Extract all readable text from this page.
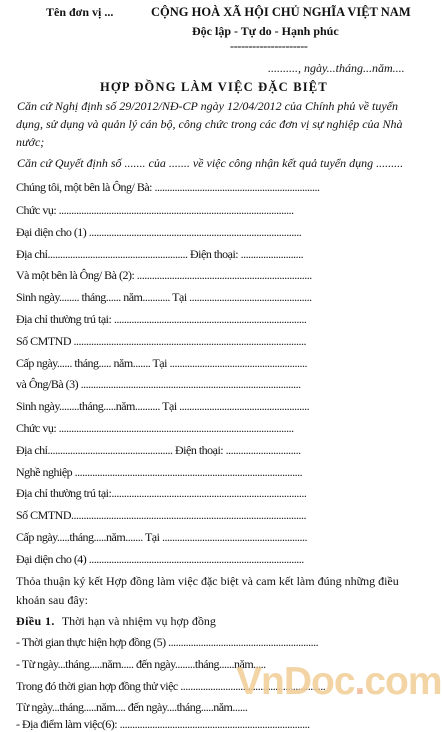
Tên đơn vị ...	CỘNG HOÀ XÃ HỘI CHỦ NGHĨA VIỆT NAM
Độc lập - Tự do - Hạnh phúc
---------------------
.........., ngày...tháng...năm....
HỢP ĐỒNG LÀM VIỆC ĐẶC BIỆT
Căn cứ Nghị định số 29/2012/NĐ-CP ngày 12/04/2012 của Chính phủ về tuyển
dụng, sử dụng và quản lý cán bộ, công chức trong các đơn vị sự nghiệp của Nhà
nước;
Căn cứ Quyết định số ....... của ....... về việc công nhận kết quả tuyển dụng .........
Chúng tôi, một bên là Ông/ Bà: ..................................................................
Chức vụ: ..............................................................................................
Đại diện cho (1) .....................................................................................
Địa chỉ........................................................ Điện thoại: .........................
Và một bên là Ông/ Bà (2): ......................................................................
Sinh ngày........ tháng...... năm........... Tại .................................................
Địa chỉ thường trú tại: .............................................................................
Số CMTND .............................................................................................
Cấp ngày...... tháng..... năm....... Tại .......................................................
và Ông/Bà (3) ........................................................................................
Sinh ngày........tháng.....năm.......... Tại ....................................................
Chức vụ: ..............................................................................................
Địa chỉ.................................................. Điện thoại: ..............................
Nghề nghiệp ...........................................................................................
Địa chỉ thường trú tại:..............................................................................
Số CMTND..............................................................................................
Cấp ngày.....tháng.....năm....... Tại ..........................................................
Đại diện cho (4) ......................................................................................
Thỏa thuận ký kết Hợp đồng làm việc đặc biệt và cam kết làm đúng những điều
khoản sau đây:
Điều 1. Thời hạn và nhiệm vụ hợp đồng
- Thời gian thực hiện hợp đồng (5) ............................................................
- Từ ngày...tháng.....năm..... đến ngày........tháng......năm.....
Trong đó thời gian hợp đồng thử việc ..........................................................
Từ ngày...tháng.....năm.... đến ngày....tháng.....năm......
- Địa điểm làm việc(6): ............................................................................
VnDoc.com
